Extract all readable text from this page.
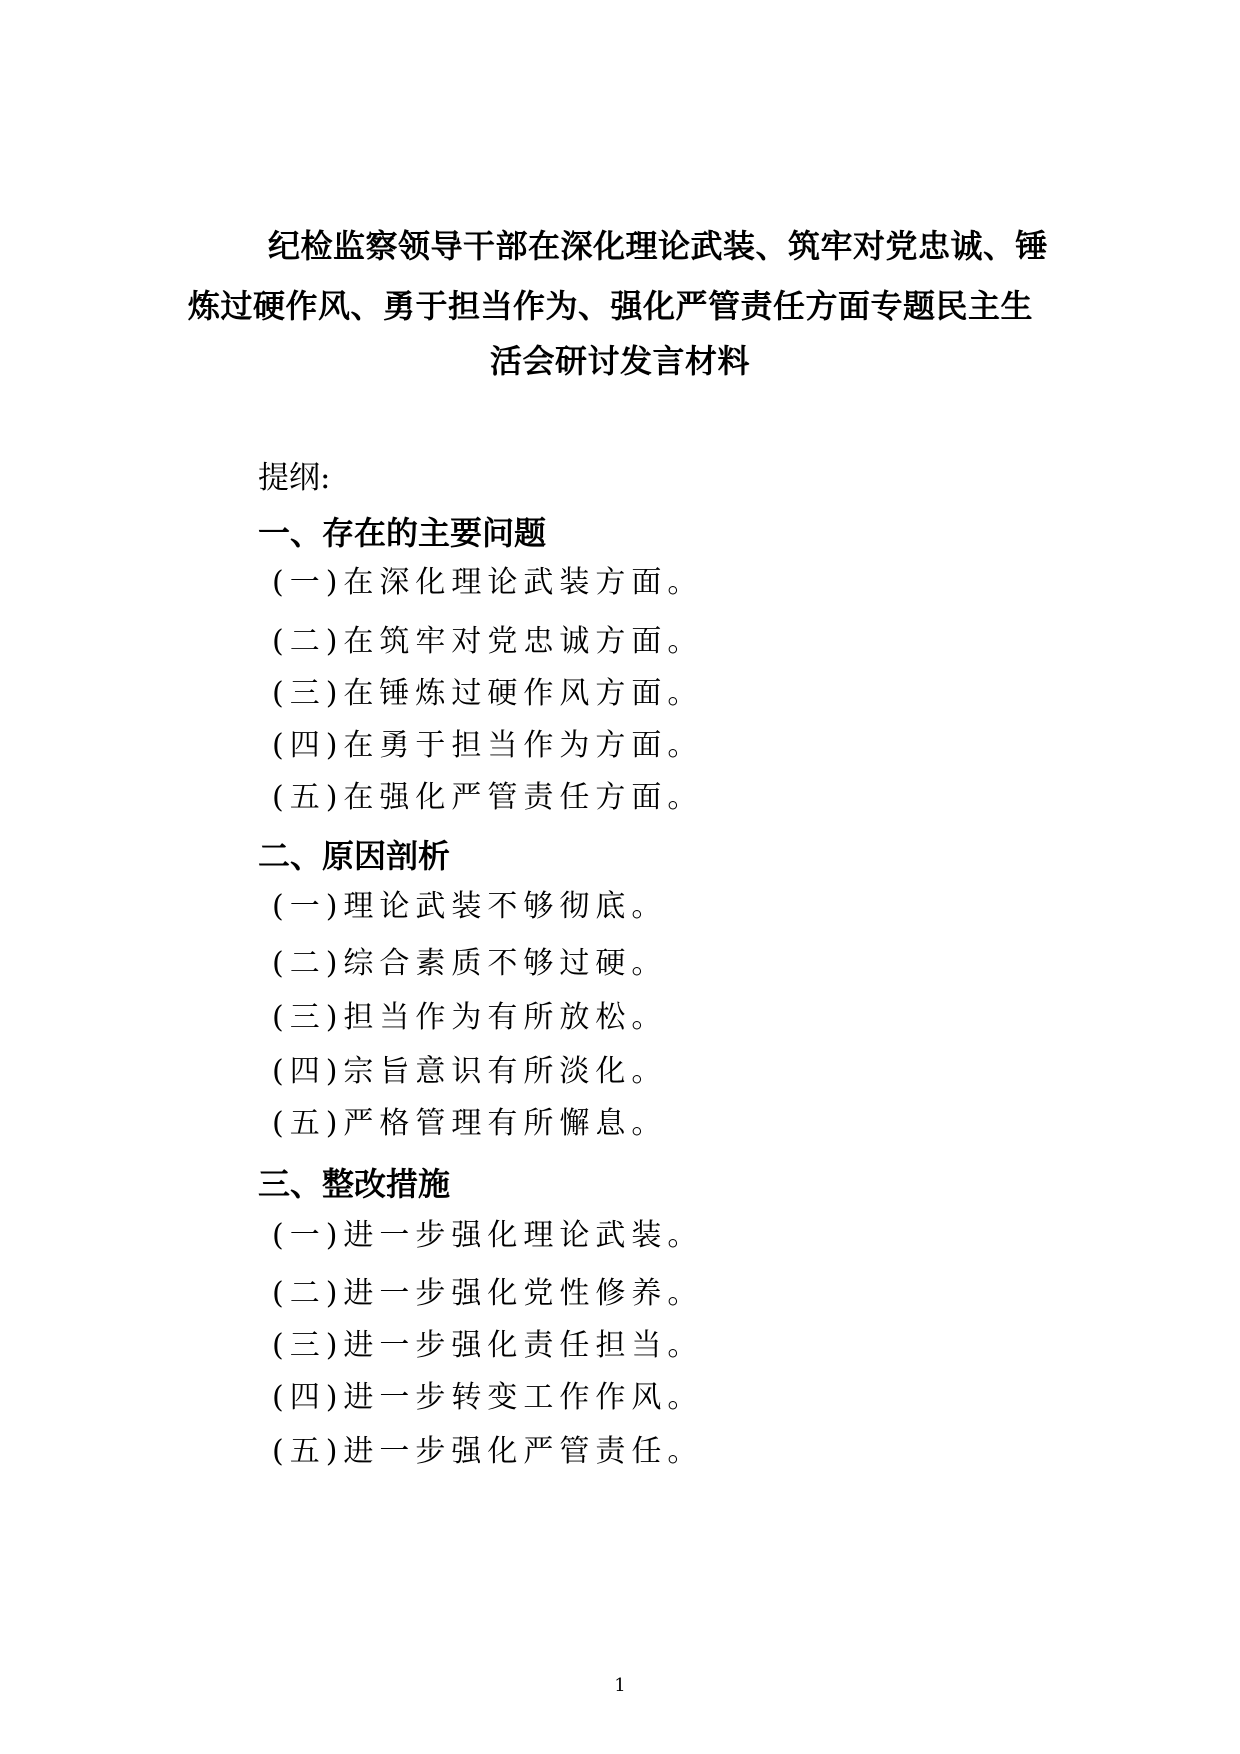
纪检监察领导干部在深化理论武装、筑牢对党忠诚、锤
炼过硬作风、勇于担当作为、强化严管责任方面专题民主生
活会研讨发言材料
提纲:
一、存在的主要问题
(一)在深化理论武装方面。
(二)在筑牢对党忠诚方面。
(三)在锤炼过硬作风方面。
(四)在勇于担当作为方面。
(五)在强化严管责任方面。
二、原因剖析
(一)理论武装不够彻底。
(二)综合素质不够过硬。
(三)担当作为有所放松。
(四)宗旨意识有所淡化。
(五)严格管理有所懈息。
三、整改措施
(一)进一步强化理论武装。
(二)进一步强化党性修养。
(三)进一步强化责任担当。
(四)进一步转变工作作风。
(五)进一步强化严管责任。
1
